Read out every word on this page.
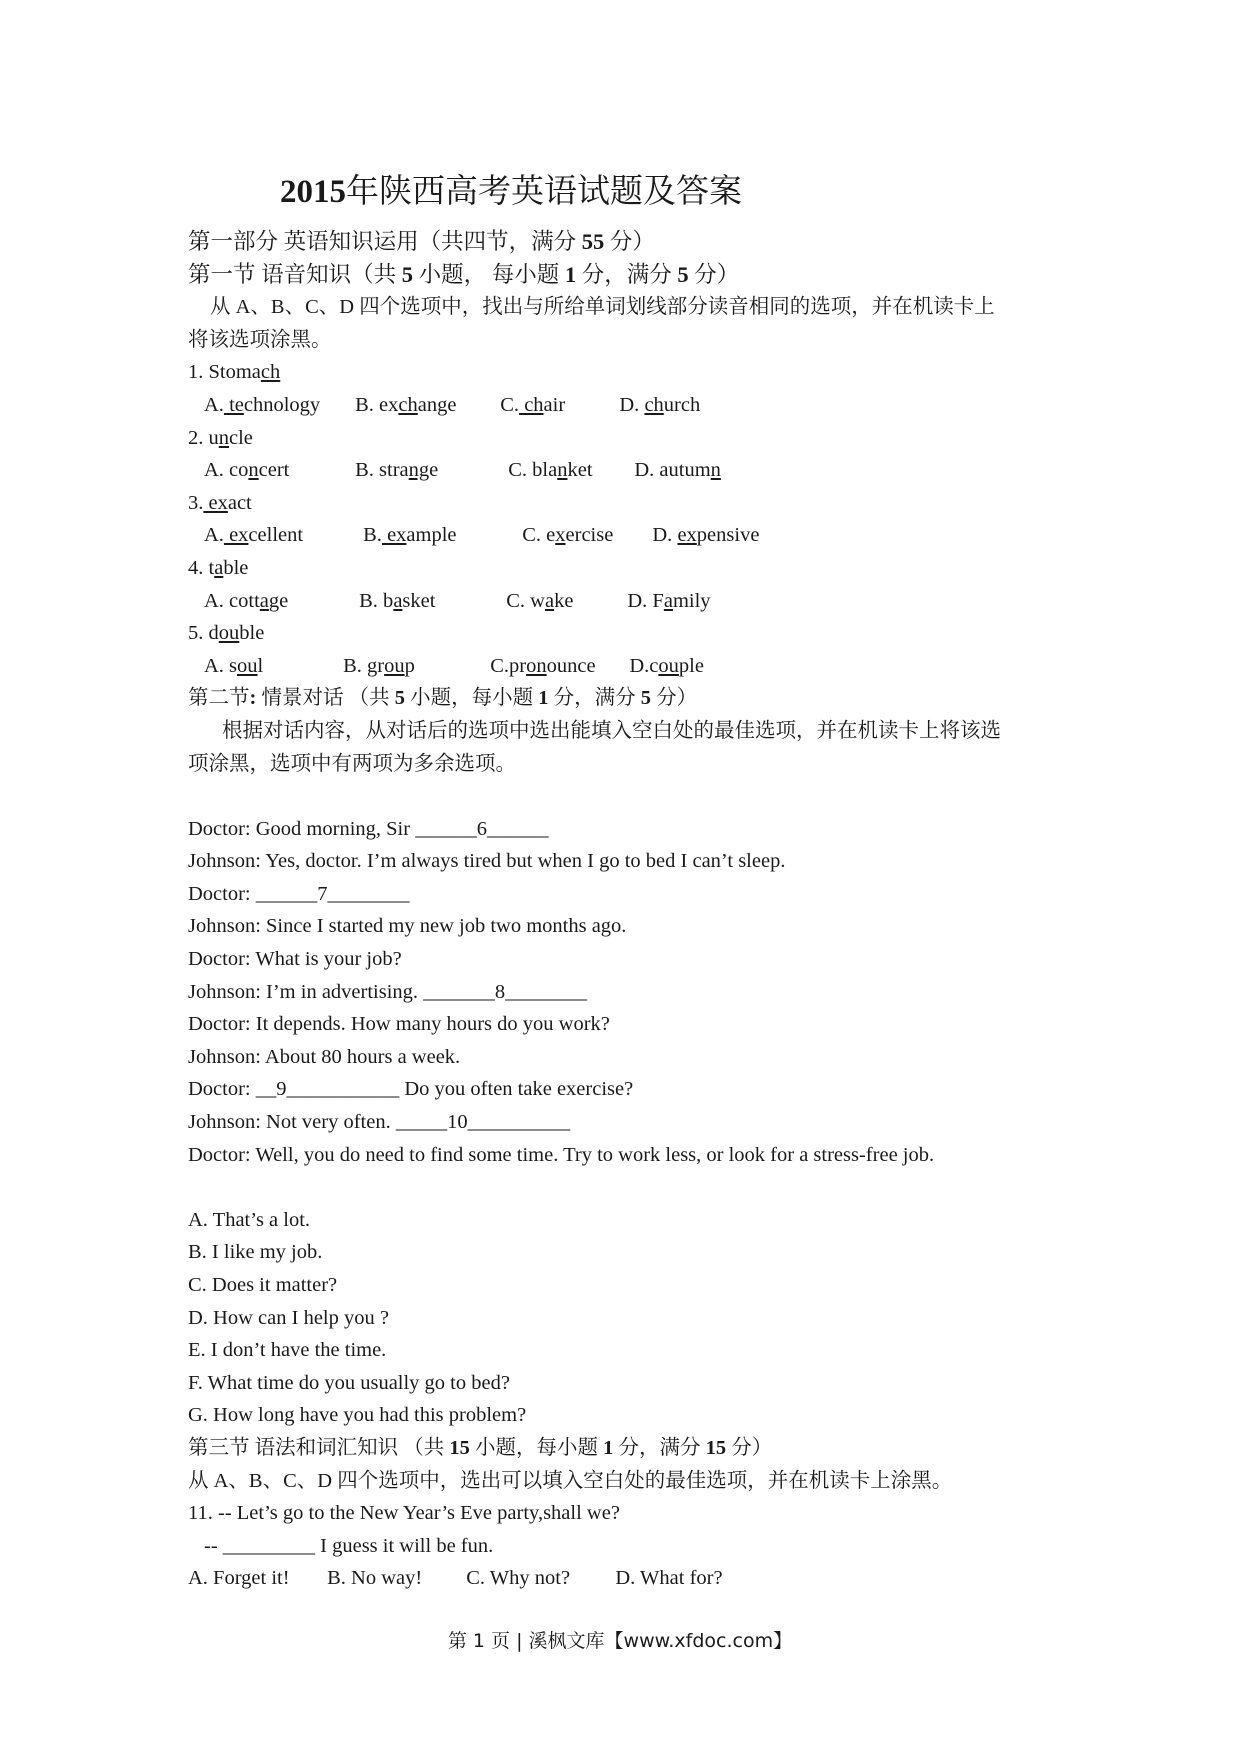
2015年陕西高考英语试题及答案
第一部分 英语知识运用（共四节，满分 55 分）
第一节 语音知识（共 5 小题， 每小题 1 分，满分 5 分）
从 A、B、C、D 四个选项中，找出与所给单词划线部分读音相同的选项，并在机读卡上
将该选项涂黑。
1. Stomach
A. technology B. exchange C. chair	D. church
2. uncle
A. concert	B. strange	C. blanket D. autumn
3. exact
A. excellent	B. example	C. exercise D. expensive
4. table
A. cottage	B. basket	C. wake	D. Family
5. double
A. soul	B. group	C.pronounce D.couple
第二节: 情景对话 （共 5 小题，每小题 1 分，满分 5 分）
根据对话内容，从对话后的选项中选出能填入空白处的最佳选项，并在机读卡上将该选
项涂黑，选项中有两项为多余选项。
Doctor: Good morning, Sir ______6______
Johnson: Yes, doctor. I’m always tired but when I go to bed I can’t sleep.
Doctor: ______7________
Johnson: Since I started my new job two months ago.
Doctor: What is your job?
Johnson: I’m in advertising. _______8________
Doctor: It depends. How many hours do you work?
Johnson: About 80 hours a week.
Doctor: __9___________ Do you often take exercise?
Johnson: Not very often. _____10__________
Doctor: Well, you do need to find some time. Try to work less, or look for a stress-free job.
A. That’s a lot.
B. I like my job.
C. Does it matter?
D. How can I help you ?
E. I don’t have the time.
F. What time do you usually go to bed?
G. How long have you had this problem?
第三节 语法和词汇知识 （共 15 小题，每小题 1 分，满分 15 分）
从 A、B、C、D 四个选项中，选出可以填入空白处的最佳选项，并在机读卡上涂黑。
11. -- Let’s go to the New Year’s Eve party,shall we?
-- _________ I guess it will be fun.
A. Forget it! B. No way! C. Why not? D. What for?
第 1 页 | 溪枫文库【www.xfdoc.com】
